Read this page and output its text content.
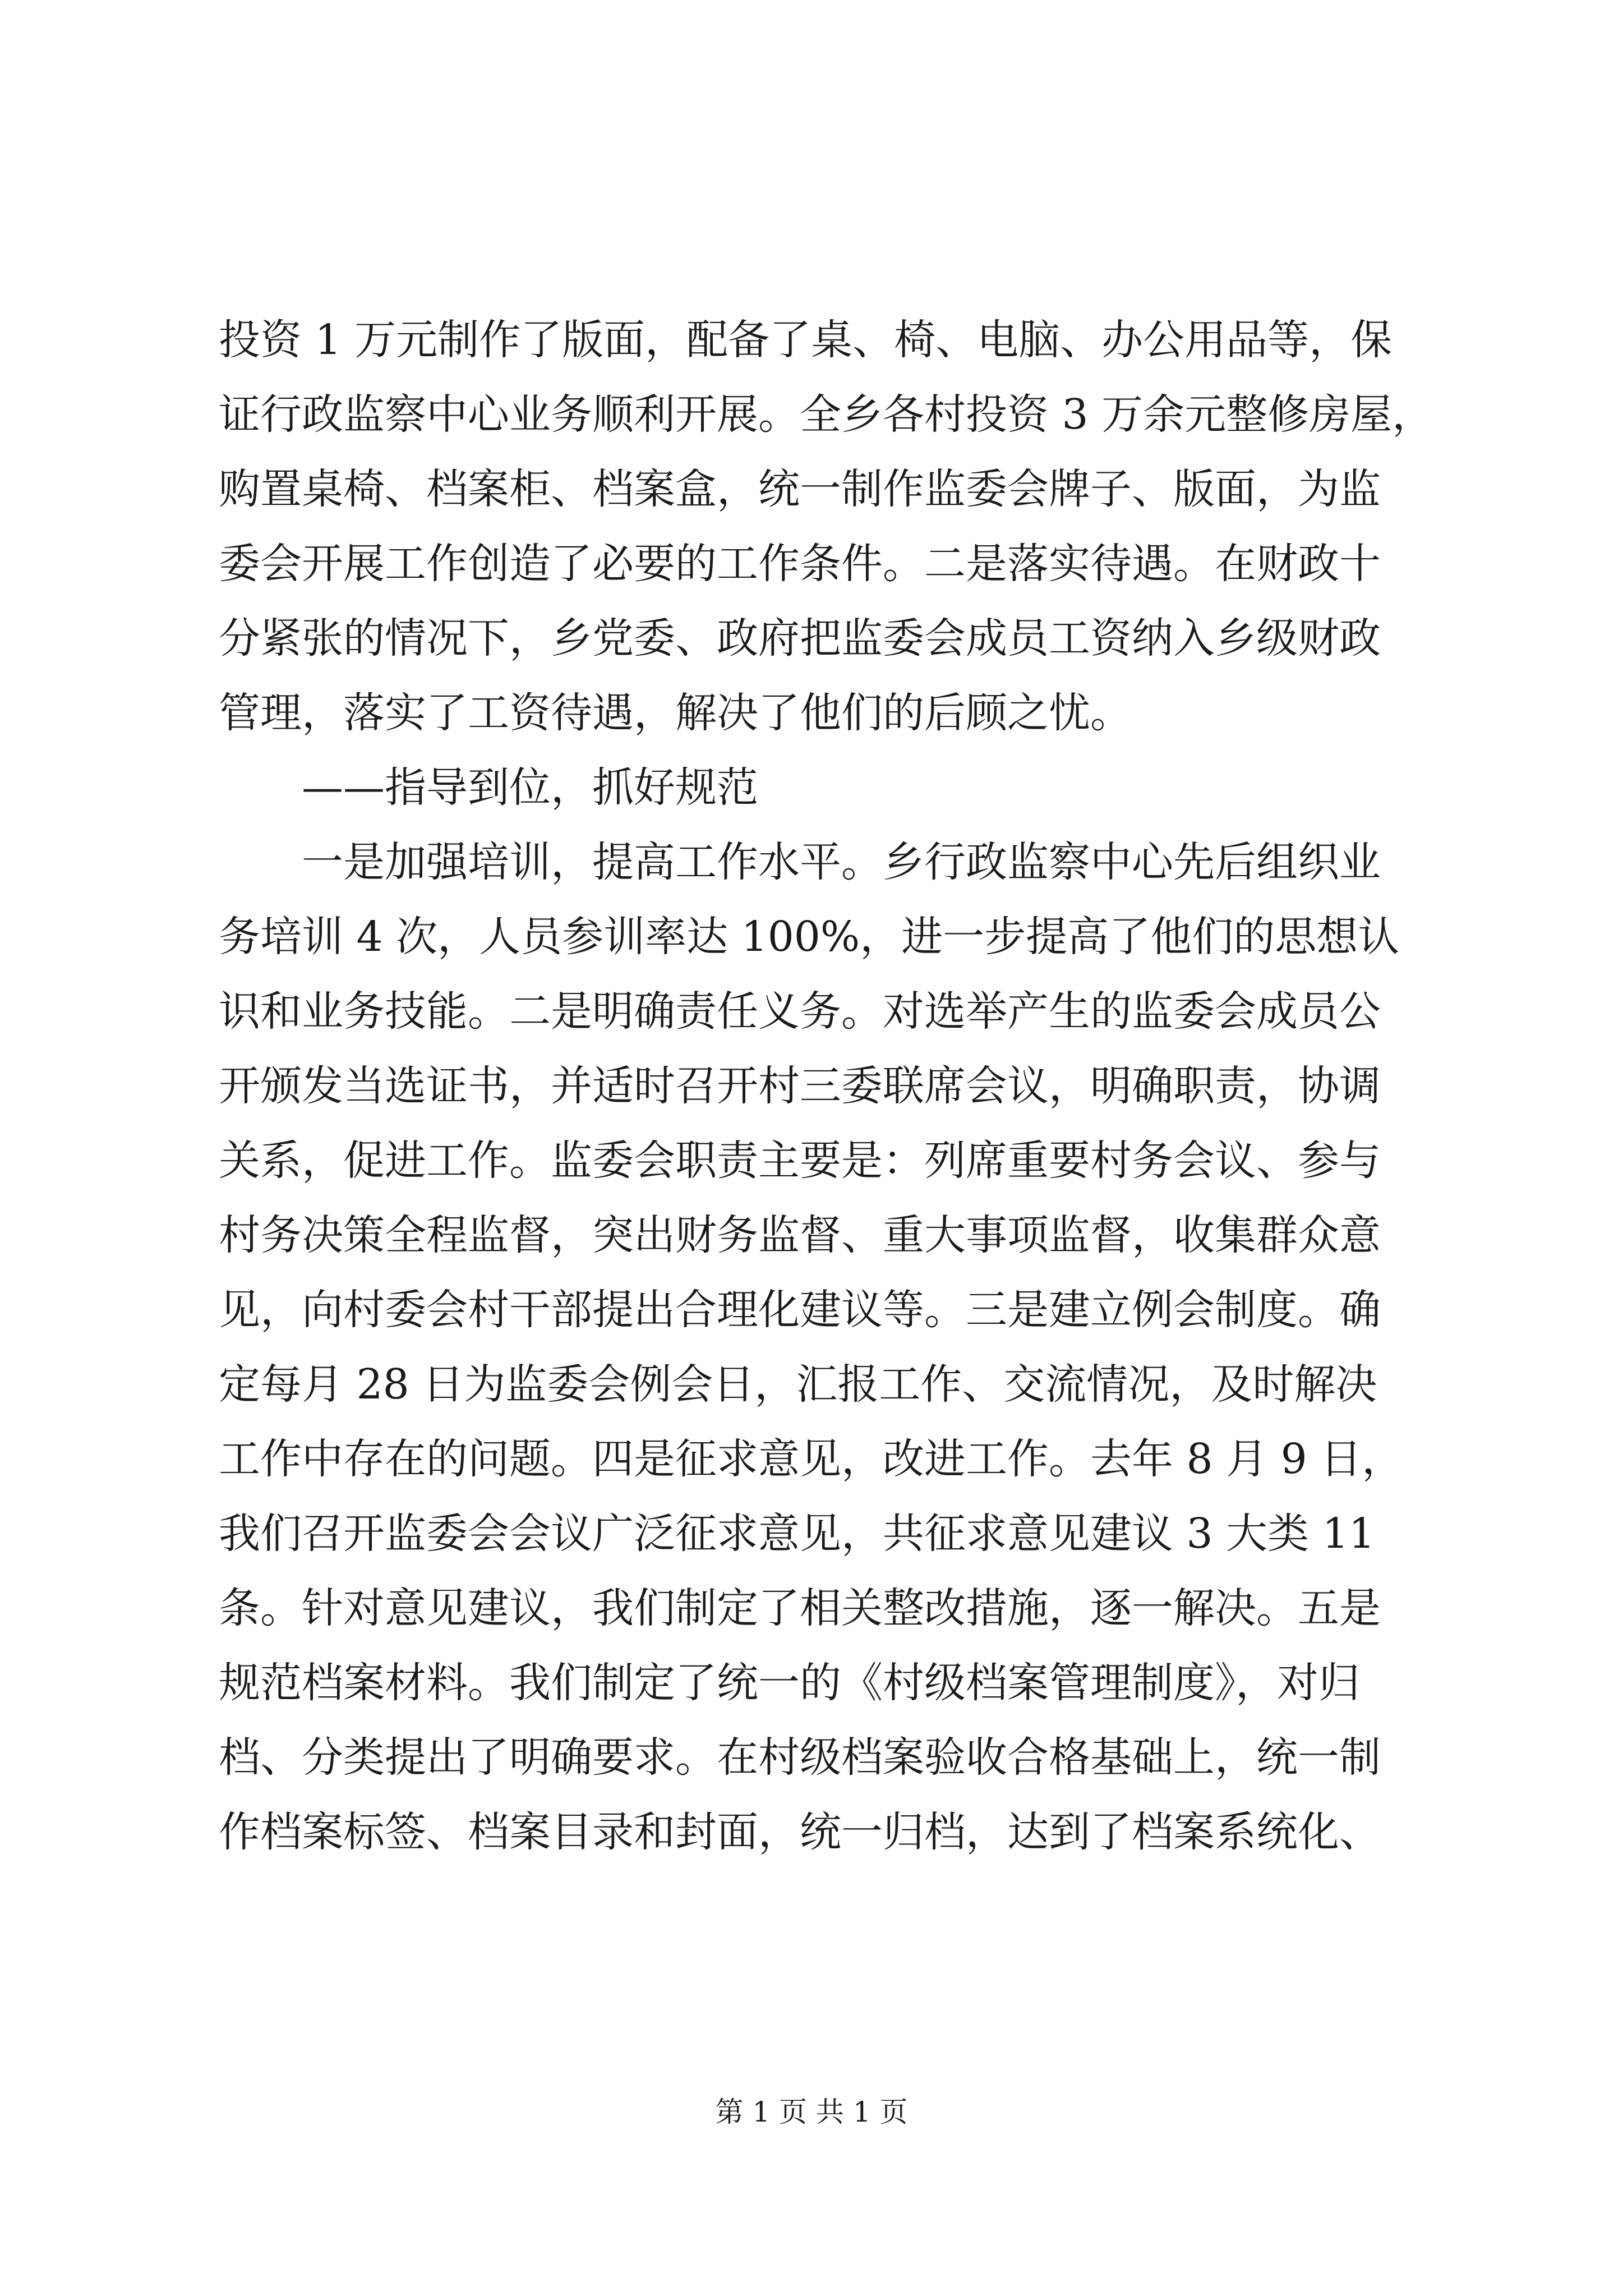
投资 1 万元制作了版面，配备了桌、椅、电脑、办公用品等，保
证行政监察中心业务顺利开展。全乡各村投资 3 万余元整修房屋，
购置桌椅、档案柜、档案盒，统一制作监委会牌子、版面，为监
委会开展工作创造了必要的工作条件。二是落实待遇。在财政十
分紧张的情况下，乡党委、政府把监委会成员工资纳入乡级财政
管理，落实了工资待遇，解决了他们的后顾之忧。
——指导到位，抓好规范
一是加强培训，提高工作水平。乡行政监察中心先后组织业
务培训 4 次，人员参训率达 100%，进一步提高了他们的思想认
识和业务技能。二是明确责任义务。对选举产生的监委会成员公
开颁发当选证书，并适时召开村三委联席会议，明确职责，协调
关系，促进工作。监委会职责主要是：列席重要村务会议、参与
村务决策全程监督，突出财务监督、重大事项监督，收集群众意
见，向村委会村干部提出合理化建议等。三是建立例会制度。确
定每月 28 日为监委会例会日，汇报工作、交流情况，及时解决
工作中存在的问题。四是征求意见，改进工作。去年 8 月 9 日，
我们召开监委会会议广泛征求意见，共征求意见建议 3 大类 11
条。针对意见建议，我们制定了相关整改措施，逐一解决。五是
规范档案材料。我们制定了统一的《村级档案管理制度》，对归
档、分类提出了明确要求。在村级档案验收合格基础上，统一制
作档案标签、档案目录和封面，统一归档，达到了档案系统化、
第 1 页 共 1 页
